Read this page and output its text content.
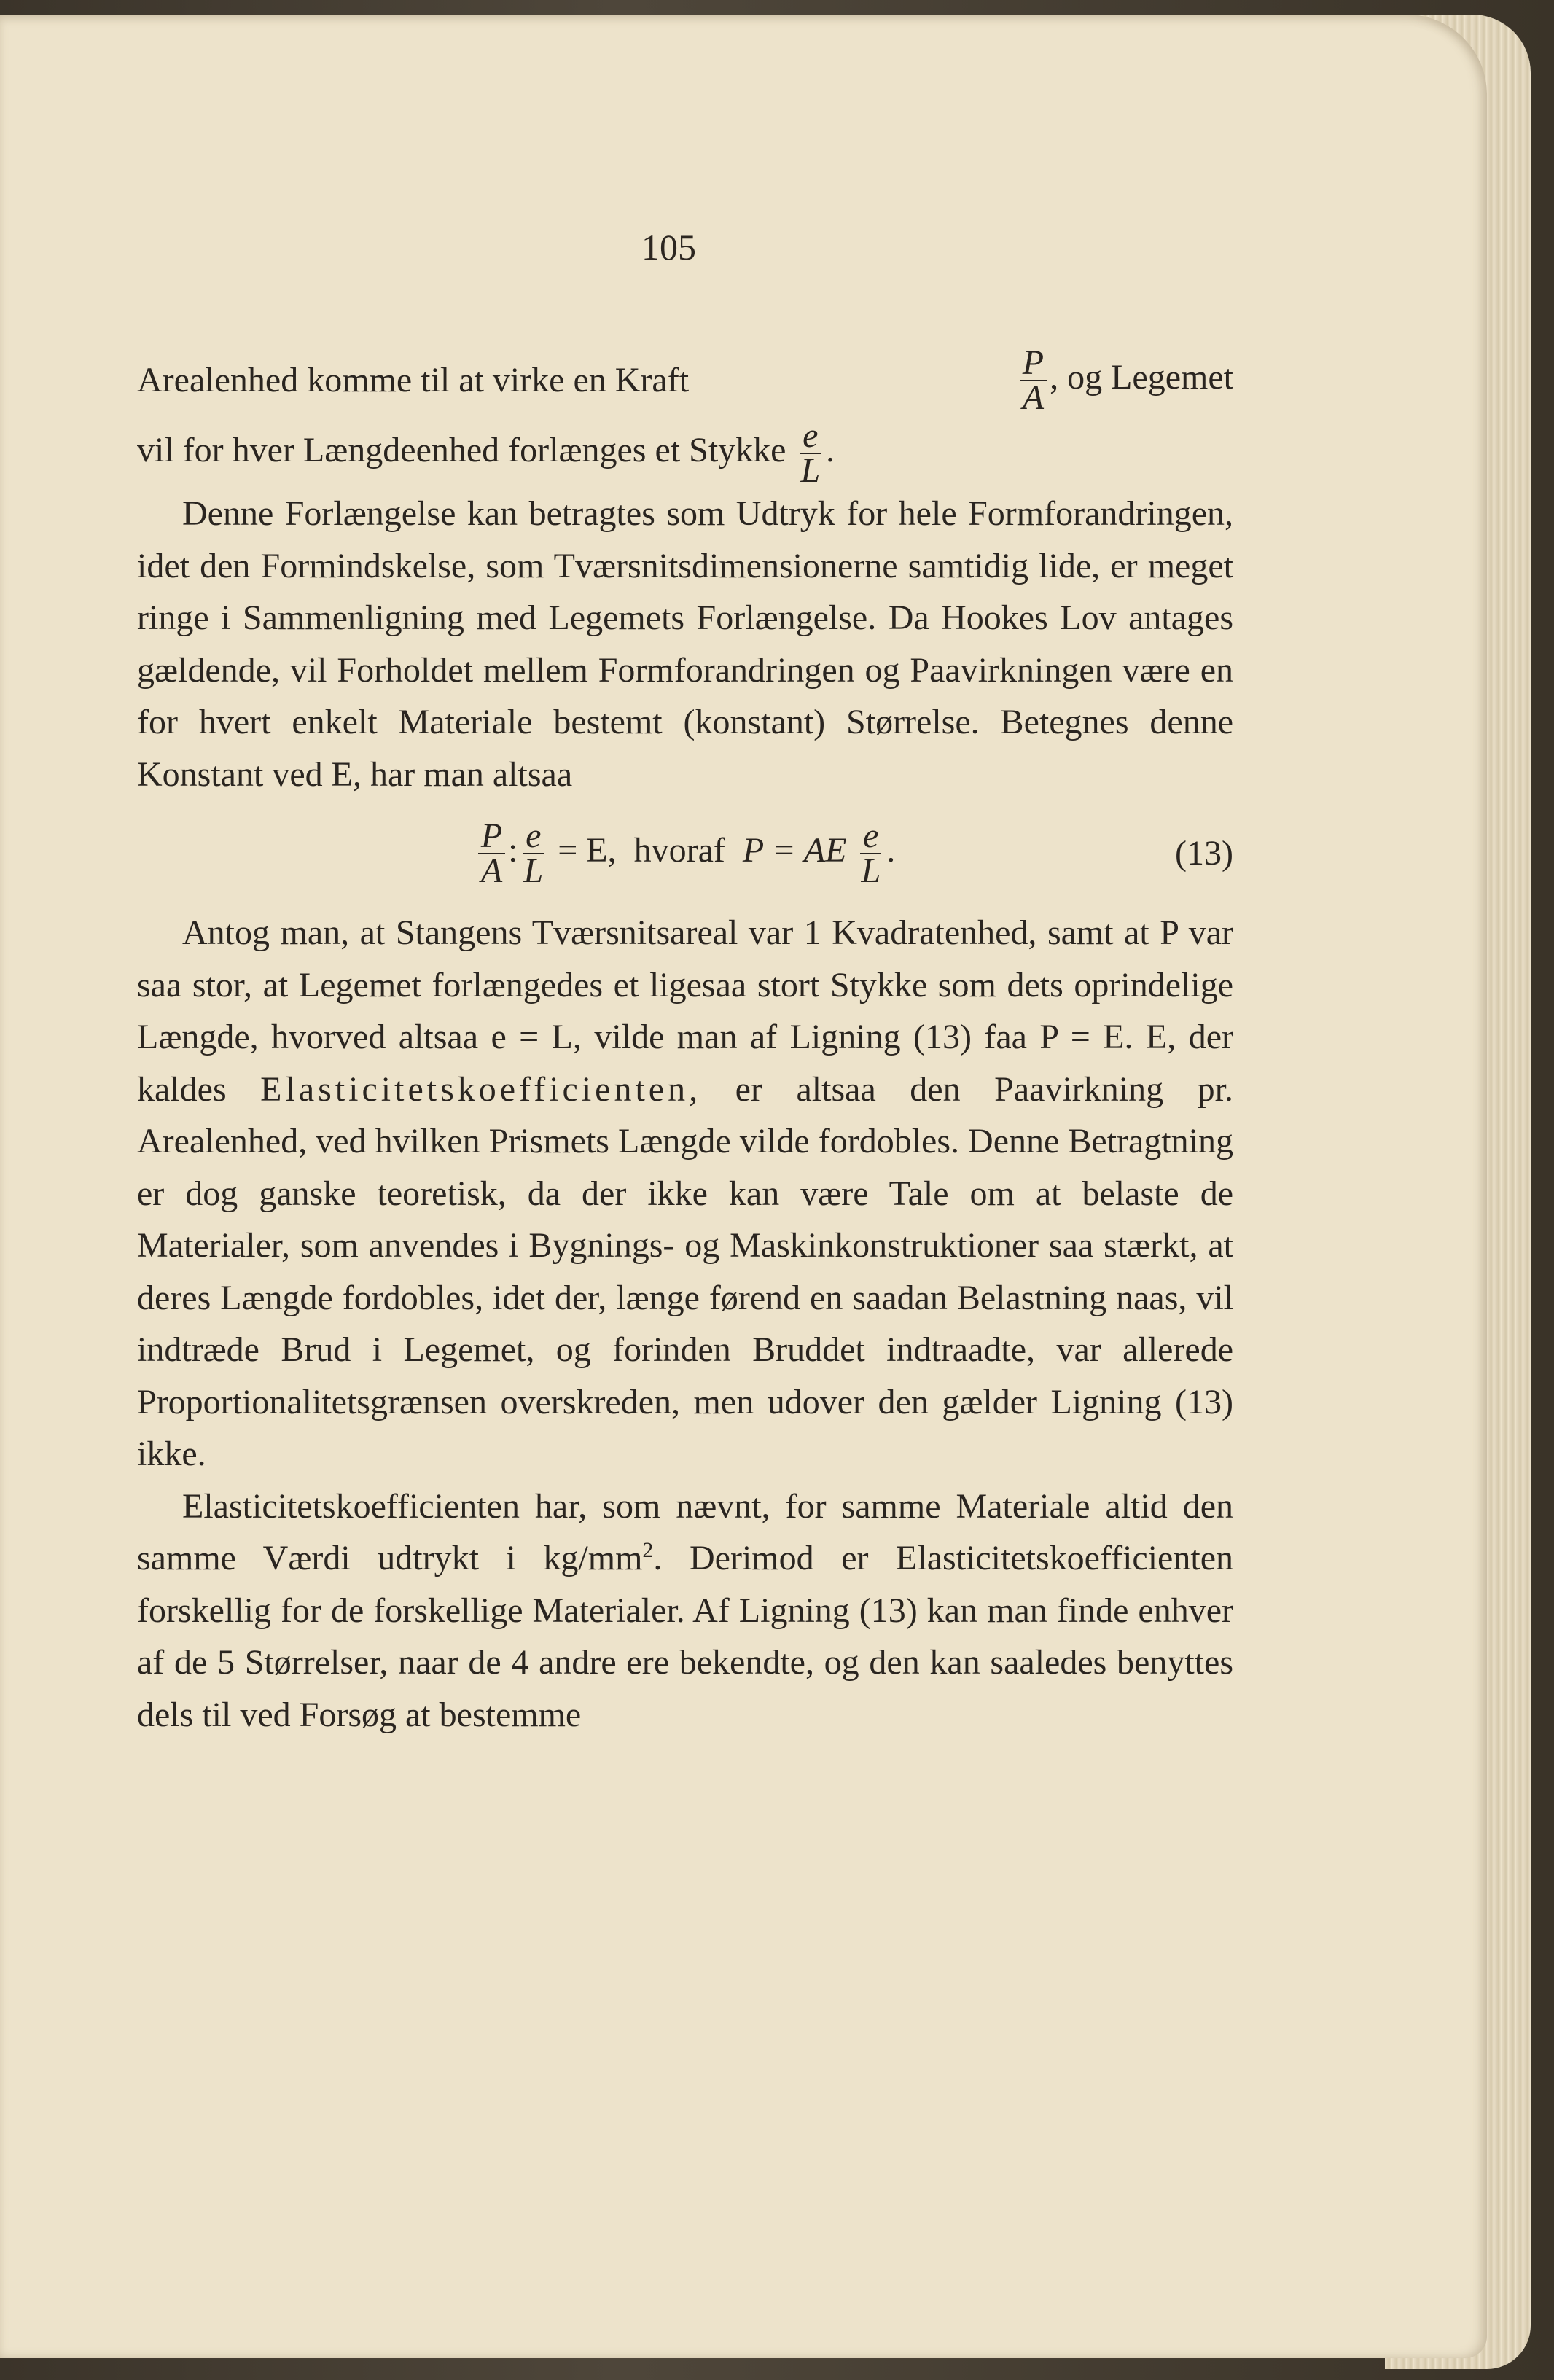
105
Arealenhed komme til at virke en Kraft	$\frac{P}{A}$ , og Legemet
vil for hver Længdeenhed forlænges et Stykke $\frac{e}{L}$ .

Denne Forlængelse kan betragtes som Udtryk for hele Formforandringen, idet den Formindskelse, som Tværsnitsdimensionerne samtidig lide, er meget ringe i Sammenligning med Legemets Forlængelse. Da Hookes Lov antages gældende, vil Forholdet mellem Formforandringen og Paavirkningen være en for hvert enkelt Materiale bestemt (konstant) Størrelse. Betegnes denne Konstant ved E, har man altsaa

$\frac{P}{A}$ : $\frac{e}{L} = E$, hvoraf P = AE $\frac{e}{L}$ .	(13)

Antog man, at Stangens Tværsnitsareal var 1 Kvadratenhed, samt at P var saa stor, at Legemet forlængedes et ligesaa stort Stykke som dets oprindelige Længde, hvorved altsaa e = L, vilde man af Ligning (13) faa P = E. E, der kaldes Elasticitetskoefficienten, er altsaa den Paavirkning pr. Arealenhed, ved hvilken Prismets Længde vilde fordobles. Denne Betragtning er dog ganske teoretisk, da der ikke kan være Tale om at belaste de Materialer, som anvendes i Bygnings- og Maskinkonstruktioner saa stærkt, at deres Længde fordobles, idet der, længe førend en saadan Belastning naas, vil indtræde Brud i Legemet, og forinden Bruddet indtraadte, var allerede Proportionalitetsgrænsen overskreden, men udover den gælder Ligning (13) ikke.

Elasticitetskoefficienten har, som nævnt, for samme Materiale altid den samme Værdi udtrykt i $kg/mm^2$. Derimod er Elasticitetskoefficienten forskellig for de forskellige Materialer. Af Ligning (13) kan man finde enhver af de 5 Størrelser, naar de 4 andre ere bekendte, og den kan saaledes benyttes dels til ved Forsøg at bestemme
